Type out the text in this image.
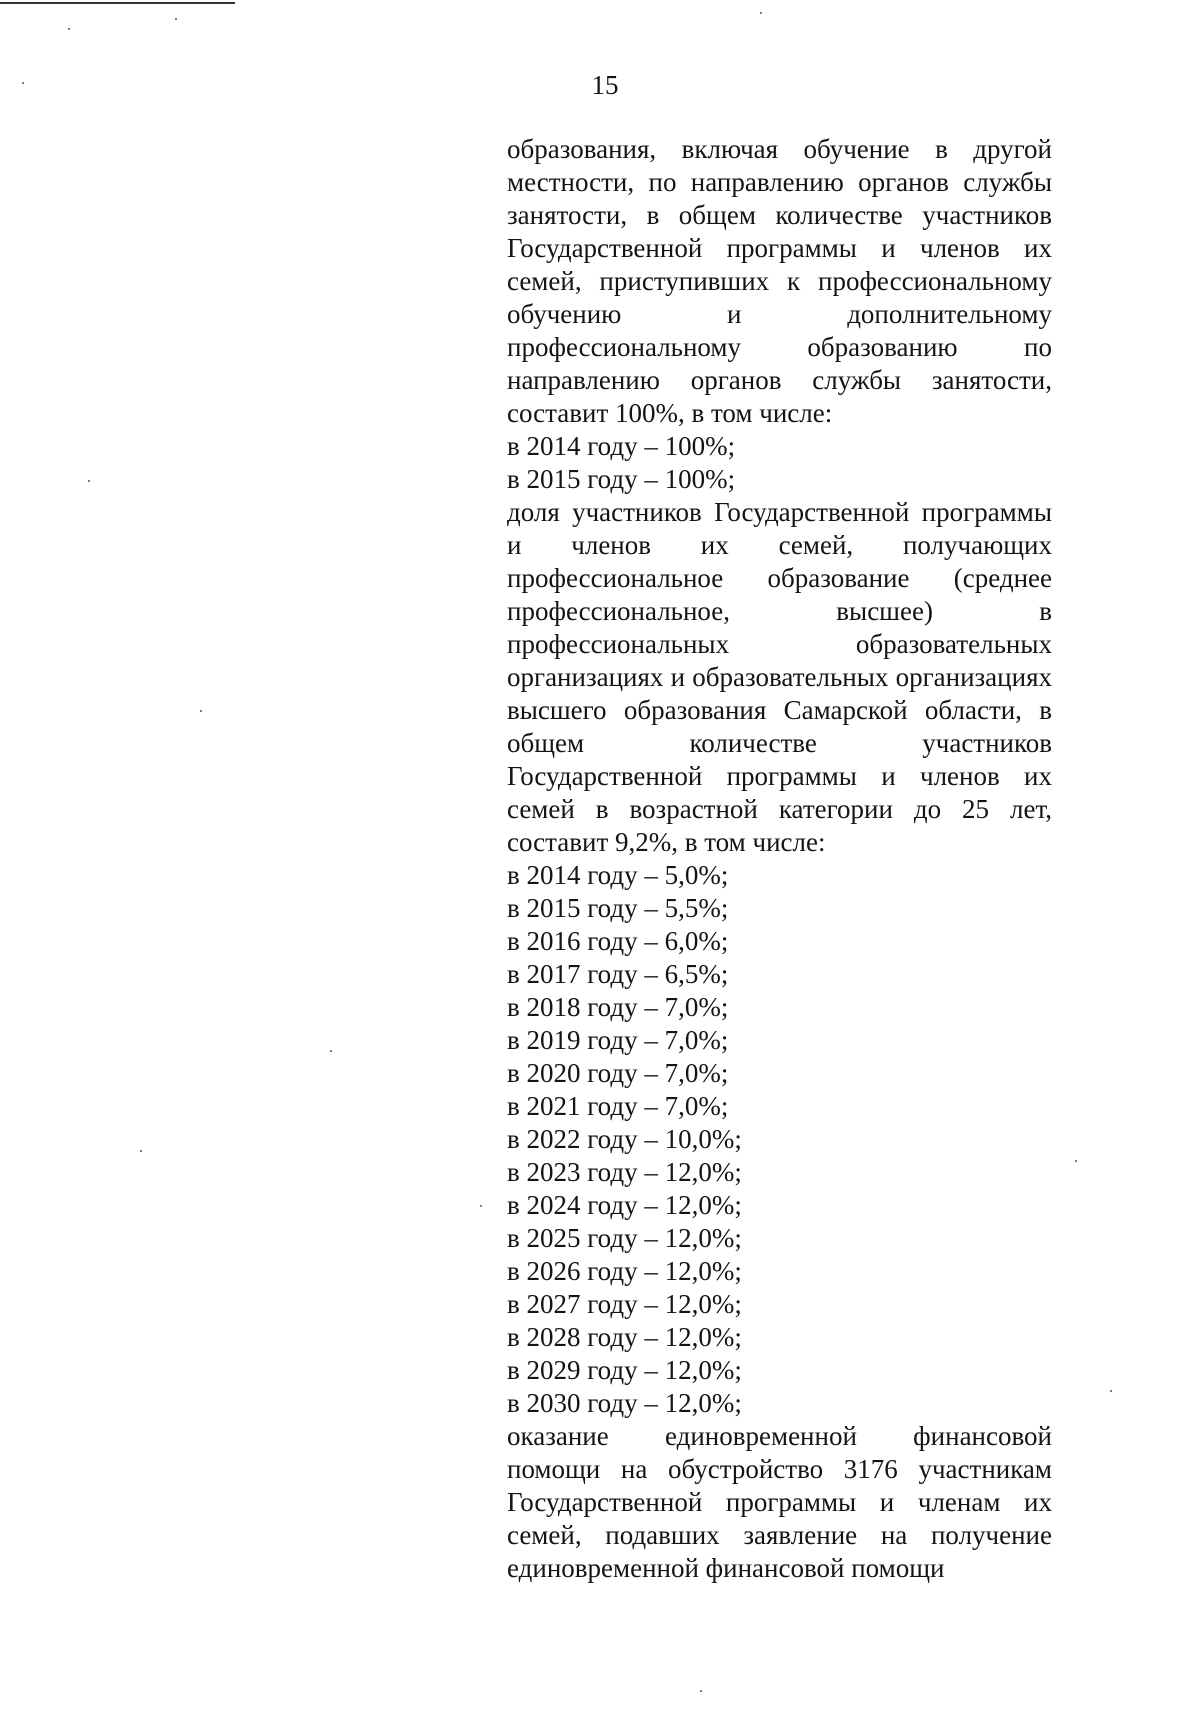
15

образования, включая обучение в другой местности, по направлению органов службы занятости, в общем количестве участников Государственной программы и членов их семей, приступивших к профессиональному обучению и дополнительному профессиональному образованию по направлению органов службы занятости, составит 100%, в том числе:

в 2014 году – 100%;
в 2015 году – 100%;

доля участников Государственной программы и членов их семей, получающих профессиональное образование (среднее профессиональное, высшее) в профессиональных образовательных организациях и образовательных организациях высшего образования Самарской области, в общем количестве участников Государственной программы и членов их семей в возрастной категории до 25 лет, составит 9,2%, в том числе:

в 2014 году – 5,0%;
в 2015 году – 5,5%;
в 2016 году – 6,0%;
в 2017 году – 6,5%;
в 2018 году – 7,0%;
в 2019 году – 7,0%;
в 2020 году – 7,0%;
в 2021 году – 7,0%;
в 2022 году – 10,0%;
в 2023 году – 12,0%;
в 2024 году – 12,0%;
в 2025 году – 12,0%;
в 2026 году – 12,0%;
в 2027 году – 12,0%;
в 2028 году – 12,0%;
в 2029 году – 12,0%;
в 2030 году – 12,0%;

оказание единовременной финансовой помощи на обустройство 3176 участникам Государственной программы и членам их семей, подавших заявление на получение единовременной финансовой помощи
